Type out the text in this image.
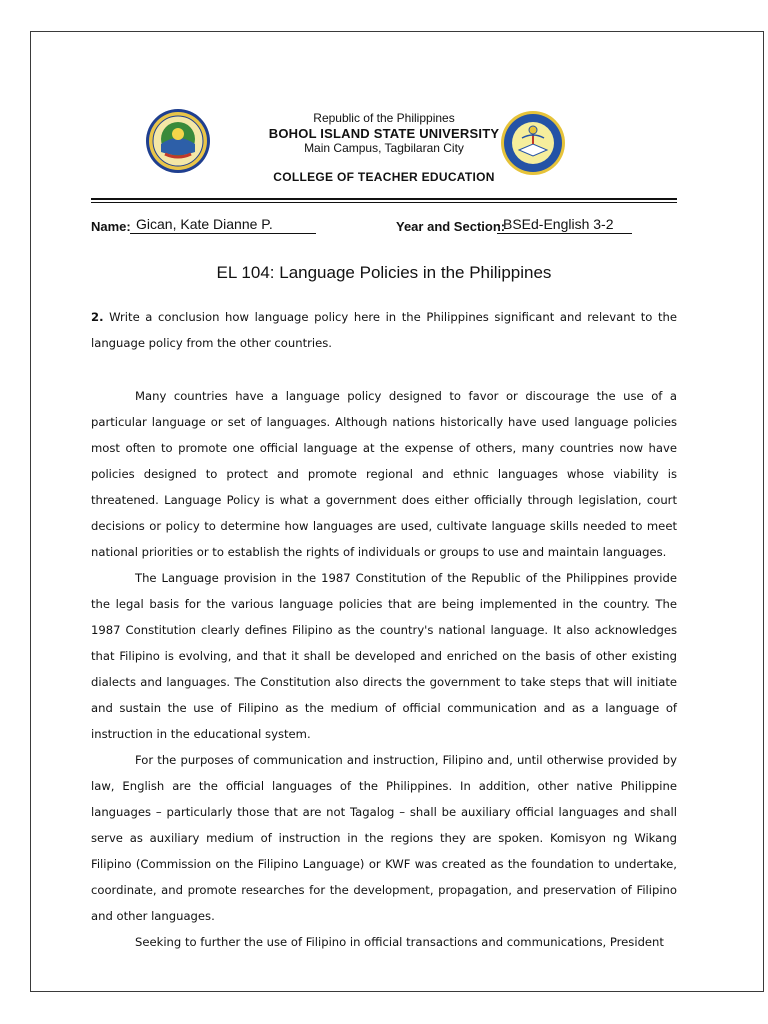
Republic of the Philippines
BOHOL ISLAND STATE UNIVERSITY
Main Campus, Tagbilaran City
COLLEGE OF TEACHER EDUCATION
Name: Gican, Kate Dianne P.	Year and Section:
BSEd-English 3-2
EL 104: Language Policies in the Philippines
2. Write a conclusion how language policy here in the Philippines significant and relevant to the language policy from the other countries.

Many countries have a language policy designed to favor or discourage the use of a particular language or set of languages. Although nations historically have used language policies most often to promote one official language at the expense of others, many countries now have policies designed to protect and promote regional and ethnic languages whose viability is threatened. Language Policy is what a government does either officially through legislation, court decisions or policy to determine how languages are used, cultivate language skills needed to meet national priorities or to establish the rights of individuals or groups to use and maintain languages.

The Language provision in the 1987 Constitution of the Republic of the Philippines provide the legal basis for the various language policies that are being implemented in the country. The 1987 Constitution clearly defines Filipino as the country's national language. It also acknowledges that Filipino is evolving, and that it shall be developed and enriched on the basis of other existing dialects and languages. The Constitution also directs the government to take steps that will initiate and sustain the use of Filipino as the medium of official communication and as a language of instruction in the educational system.

For the purposes of communication and instruction, Filipino and, until otherwise provided by law, English are the official languages of the Philippines. In addition, other native Philippine languages – particularly those that are not Tagalog – shall be auxiliary official languages and shall serve as auxiliary medium of instruction in the regions they are spoken. Komisyon ng Wikang Filipino (Commission on the Filipino Language) or KWF was created as the foundation to undertake, coordinate, and promote researches for the development, propagation, and preservation of Filipino and other languages.

Seeking to further the use of Filipino in official transactions and communications, President
